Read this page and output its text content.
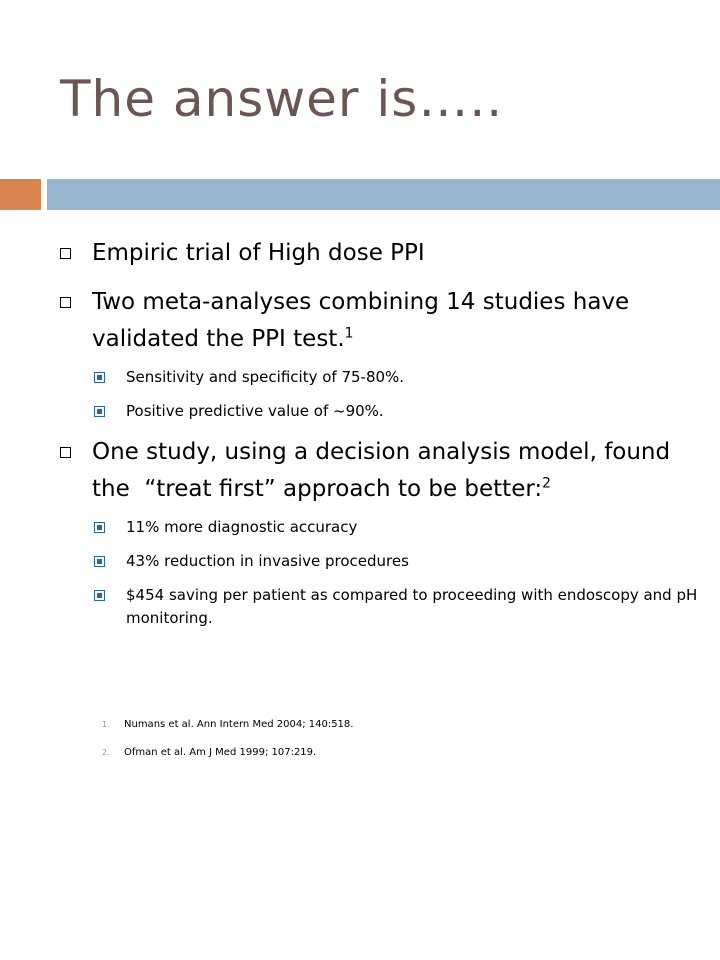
The answer is…..
Empiric trial of High dose PPI
Two meta-analyses combining 14 studies have validated the PPI test.$^1$
Sensitivity and specificity of 75-80%.
Positive predictive value of ~90%.
One study, using a decision analysis model, found the  “treat first” approach to be better:$^2$
11% more diagnostic accuracy
43% reduction in invasive procedures
$454 saving per patient as compared to proceeding with endoscopy and pH monitoring.
1. Numans et al. Ann Intern Med 2004; 140:518.
2. Ofman et al. Am J Med 1999; 107:219.
